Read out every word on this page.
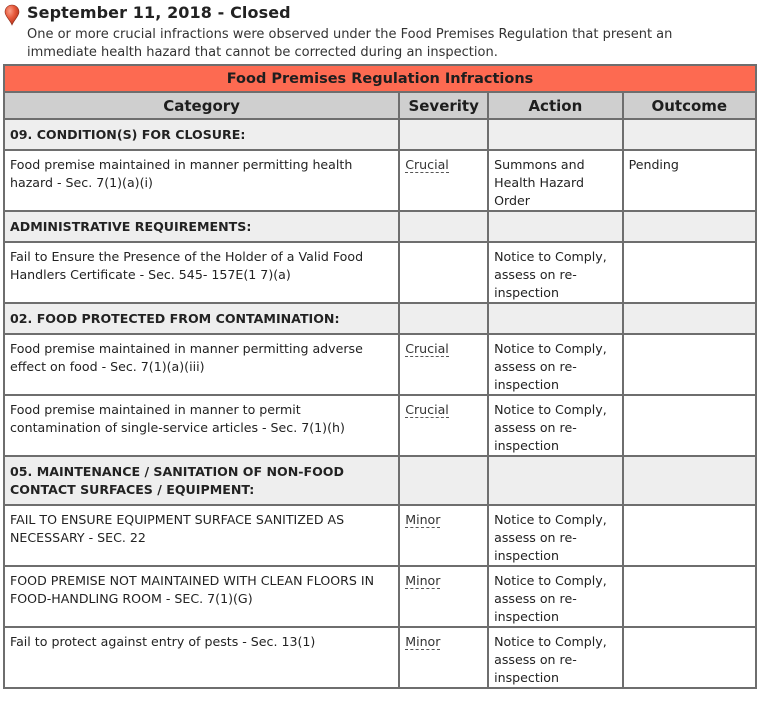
September 11, 2018 - Closed
One or more crucial infractions were observed under the Food Premises Regulation that present an immediate health hazard that cannot be corrected during an inspection.
Food Premises Regulation Infractions			
Category	Severity	Action	Outcome
09. CONDITION(S) FOR CLOSURE:			
Food premise maintained in manner permitting health hazard - Sec. 7(1)(a)(i)	Crucial	Summons and Health Hazard Order	Pending
ADMINISTRATIVE REQUIREMENTS:			
Fail to Ensure the Presence of the Holder of a Valid Food Handlers Certificate - Sec. 545- 157E(1 7)(a)		Notice to Comply, assess on re-inspection	
02. FOOD PROTECTED FROM CONTAMINATION:			
Food premise maintained in manner permitting adverse effect on food - Sec. 7(1)(a)(iii)	Crucial	Notice to Comply, assess on re-inspection	
Food premise maintained in manner to permit contamination of single-service articles - Sec. 7(1)(h)	Crucial	Notice to Comply, assess on re-inspection	
05. MAINTENANCE / SANITATION OF NON-FOOD CONTACT SURFACES / EQUIPMENT:			
FAIL TO ENSURE EQUIPMENT SURFACE SANITIZED AS NECESSARY - SEC. 22	Minor	Notice to Comply, assess on re-inspection	
FOOD PREMISE NOT MAINTAINED WITH CLEAN FLOORS IN FOOD-HANDLING ROOM - SEC. 7(1)(G)	Minor	Notice to Comply, assess on re-inspection	
Fail to protect against entry of pests - Sec. 13(1)	Minor	Notice to Comply, assess on re-inspection	
